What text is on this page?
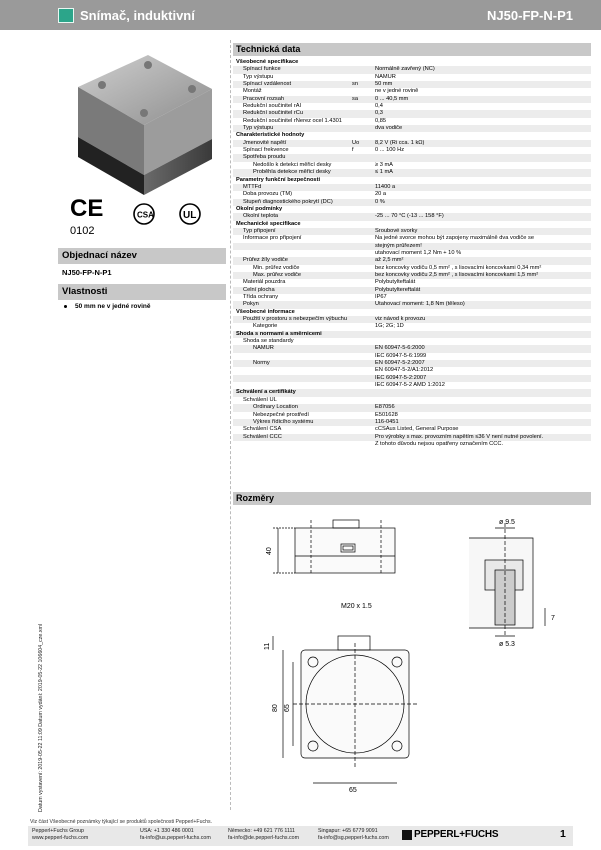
Snímač, induktivní	NJ50-FP-N-P1
CE
0102
CSA	UL
Objednací název
NJ50-FP-N-P1
Vlastnosti
50 mm ne v jedné rovině
Datum vystavení: 2019-05-22 11:09 Datum vydání: 2019-05-22 106604_cze.xml
Technická data
Všeobecné specifikace
Spínací funkce	Normálně zavřený (NC)
Typ výstupu	NAMUR
Spínací vzdálenost	sn	50 mm
Montáž	ne v jedné rovině
Pracovní rozsah	sa	0 ... 40,5 mm
Redukční součinitel rAl	0,4
Redukční součinitel rCu	0,3
Redukční součinitel rNerez ocel 1.4301	0,85
Typ výstupu	dva vodiče
Charakteristické hodnoty
Jmenovité napětí	Uo	8,2 V (Ri cca. 1 kΩ)
Spínací frekvence	f	0 ... 100 Hz
Spotřeba proudu
Nedošlo k detekci měřicí desky	≥ 3 mA
Proběhla detekce měřicí desky	≤ 1 mA
Parametry funkční bezpečnosti
MTTFd	11400 a
Doba provozu (TM)	20 a
Stupeň diagnostického pokrytí (DC)	0 %
Okolní podmínky
Okolní teplota	-25 ... 70 °C (-13 ... 158 °F)
Mechanické specifikace
Typ připojení	Šroubové svorky
Informace pro připojení	Na jedné svorce mohou být zapojeny maximálně dva vodiče se
stejným průřezem!
utahovací moment 1,2 Nm + 10 %
Průřez žíly vodiče	až 2,5 mm²
Min. průřez vodiče	bez koncovky vodiču 0,5 mm² , s lisovacími koncovkami 0,34 mm²
Max. průřez vodiče	bez koncovky vodiču 2,5 mm² , s lisovacími koncovkami 1,5 mm²
Materiál pouzdra	Polybutylteftalát
Čelní plocha	Polybutyltereftalát
Třída ochrany	IP67
Pokyn	Utahovací moment: 1,8 Nm (těleso)
Všeobecné informace
Použití v prostoru s nebezpečím výbuchu	viz návod k provozu
Kategorie	1G; 2G; 1D
Shoda s normami a směrnicemi
Shoda se standardy
NAMUR	EN 60947-5-6:2000
IEC 60947-5-6:1999
Normy	EN 60947-5-2:2007
EN 60947-5-2/A1:2012
IEC 60947-5-2:2007
IEC 60947-5-2 AMD 1:2012
Schválení a certifikáty
Schválení UL
Ordinary Location	E87056
Nebezpečné prostředí	E501628
Výkres řídicího systému	116-0451
Schválení CSA	cCSAus Listed, General Purpose
Schválení CCC	Pro výrobky s max. provozním napětím ≤36 V není nutné povolení.
Z tohoto důvodu nejsou opatřeny označením CCC.
Rozměry
40
M20 x 1.5
11
80 65
65
ø 9.5
ø 5.3
7
Viz část Všeobecné poznámky týkající se produktů společnosti Pepperl+Fuchs.
Pepperl+Fuchs Group
www.pepperl-fuchs.com
USA: +1 330 486 0001
fa-info@us.pepperl-fuchs.com
Německo: +49 621 776 1111
fa-info@de.pepperl-fuchs.com
Singapur: +65 6779 9091
fa-info@sg.pepperl-fuchs.com	PEPPERL+FUCHS	1
